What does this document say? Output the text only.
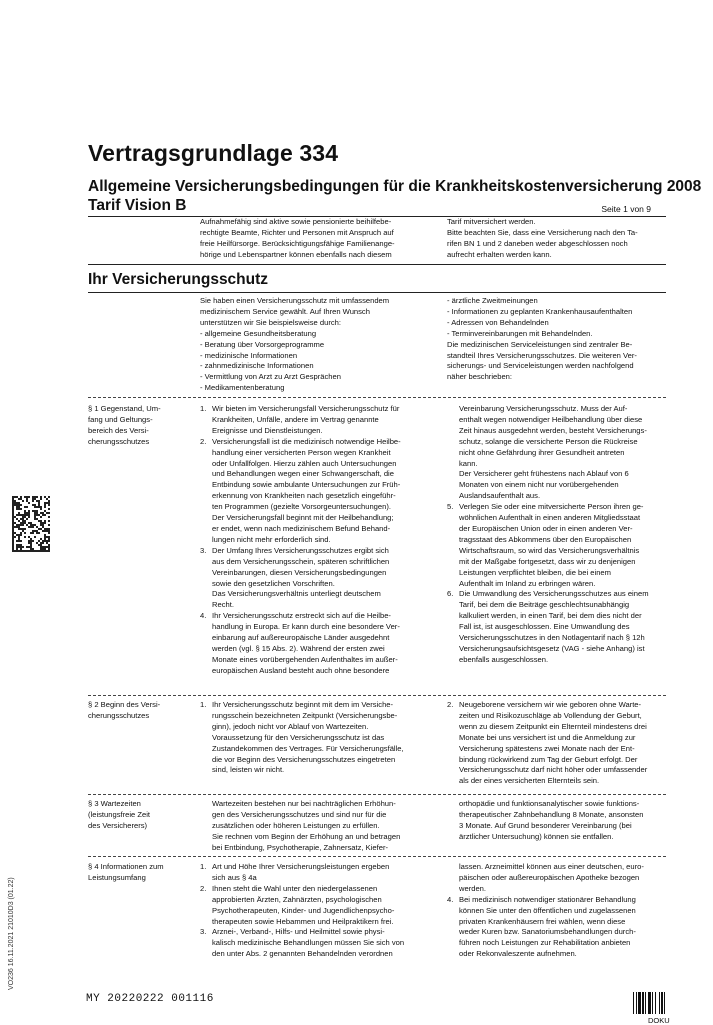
Vertragsgrundlage 334
Allgemeine Versicherungsbedingungen für die Krankheitskostenversicherung 2008
Tarif Vision B	Seite 1 von 9
Aufnahmefähig sind aktive sowie pensionierte beihilfebe-
rechtigte Beamte, Richter und Personen mit Anspruch auf
freie Heilfürsorge. Berücksichtigungsfähige Familienange-
hörige und Lebenspartner können ebenfalls nach diesem
Tarif mitversichert werden.
Bitte beachten Sie, dass eine Versicherung nach den Ta-
rifen BN 1 und 2 daneben weder abgeschlossen noch
aufrecht erhalten werden kann.
Ihr Versicherungsschutz
Sie haben einen Versicherungsschutz mit umfassendem
medizinischem Service gewählt. Auf Ihren Wunsch
unterstützen wir Sie beispielsweise durch:
- allgemeine Gesundheitsberatung
- Beratung über Vorsorgeprogramme
- medizinische Informationen
- zahnmedizinische Informationen
- Vermittlung von Arzt zu Arzt Gesprächen
- Medikamentenberatung
- ärztliche Zweitmeinungen
- Informationen zu geplanten Krankenhausaufenthalten
- Adressen von Behandelnden
- Terminvereinbarungen mit Behandelnden.
Die medizinischen Serviceleistungen sind zentraler Be-
standteil Ihres Versicherungsschutzes. Die weiteren Ver-
sicherungs- und Serviceleistungen werden nachfolgend
näher beschrieben:
§ 1 Gegenstand, Um-
fang und Geltungs-
bereich des Versi-
cherungsschutzes
1. Wir bieten im Versicherungsfall Versicherungsschutz für
Krankheiten, Unfälle, andere im Vertrag genannte
Ereignisse und Dienstleistungen.
2. Versicherungsfall ist die medizinisch notwendige Heilbe-
handlung einer versicherten Person wegen Krankheit
oder Unfallfolgen. Hierzu zählen auch Untersuchungen
und Behandlungen wegen einer Schwangerschaft, die
Entbindung sowie ambulante Untersuchungen zur Früh-
erkennung von Krankheiten nach gesetzlich eingeführ-
ten Programmen (gezielte Vorsorgeuntersuchungen).
Der Versicherungsfall beginnt mit der Heilbehandlung;
er endet, wenn nach medizinischem Befund Behand-
lungen nicht mehr erforderlich sind.
3. Der Umfang Ihres Versicherungsschutzes ergibt sich
aus dem Versicherungsschein, späteren schriftlichen
Vereinbarungen, diesen Versicherungsbedingungen
sowie den gesetzlichen Vorschriften.
Das Versicherungsverhältnis unterliegt deutschem
Recht.
4. Ihr Versicherungsschutz erstreckt sich auf die Heilbe-
handlung in Europa. Er kann durch eine besondere Ver-
einbarung auf außereuropäische Länder ausgedehnt
werden (vgl. § 15 Abs. 2). Während der ersten zwei
Monate eines vorübergehenden Aufenthaltes im außer-
europäischen Ausland besteht auch ohne besondere
Vereinbarung Versicherungsschutz. Muss der Auf-
enthalt wegen notwendiger Heilbehandlung über diese
Zeit hinaus ausgedehnt werden, besteht Versicherungs-
schutz, solange die versicherte Person die Rückreise
nicht ohne Gefährdung ihrer Gesundheit antreten
kann.
Der Versicherer geht frühestens nach Ablauf von 6
Monaten von einem nicht nur vorübergehenden
Auslandsaufenthalt aus.
5. Verlegen Sie oder eine mitversicherte Person ihren ge-
wöhnlichen Aufenthalt in einen anderen Mitgliedsstaat
der Europäischen Union oder in einen anderen Ver-
tragsstaat des Abkommens über den Europäischen
Wirtschaftsraum, so wird das Versicherungsverhältnis
mit der Maßgabe fortgesetzt, dass wir zu denjenigen
Leistungen verpflichtet bleiben, die bei einem
Aufenthalt im Inland zu erbringen wären.
6. Die Umwandlung des Versicherungsschutzes aus einem
Tarif, bei dem die Beiträge geschlechtsunabhängig
kalkuliert werden, in einen Tarif, bei dem dies nicht der
Fall ist, ist ausgeschlossen. Eine Umwandlung des
Versicherungsschutzes in den Notlagentarif nach § 12h
Versicherungsaufsichtsgesetz (VAG - siehe Anhang) ist
ebenfalls ausgeschlossen.
§ 2 Beginn des Versi-
cherungsschutzes
1. Ihr Versicherungsschutz beginnt mit dem im Versiche-
rungsschein bezeichneten Zeitpunkt (Versicherungsbe-
ginn), jedoch nicht vor Ablauf von Wartezeiten.
Voraussetzung für den Versicherungsschutz ist das
Zustandekommen des Vertrages. Für Versicherungsfälle,
die vor Beginn des Versicherungsschutzes eingetreten
sind, leisten wir nicht.
2. Neugeborene versichern wir wie geboren ohne Warte-
zeiten und Risikozuschläge ab Vollendung der Geburt,
wenn zu diesem Zeitpunkt ein Elternteil mindestens drei
Monate bei uns versichert ist und die Anmeldung zur
Versicherung spätestens zwei Monate nach der Ent-
bindung rückwirkend zum Tag der Geburt erfolgt. Der
Versicherungsschutz darf nicht höher oder umfassender
als der eines versicherten Elternteils sein.
§ 3 Wartezeiten
(leistungsfreie Zeit
des Versicherers)
Wartezeiten bestehen nur bei nachträglichen Erhöhun-
gen des Versicherungsschutzes und sind nur für die
zusätzlichen oder höheren Leistungen zu erfüllen.
Sie rechnen vom Beginn der Erhöhung an und betragen
bei Entbindung, Psychotherapie, Zahnersatz, Kiefer-
orthopädie und funktionsanalytischer sowie funktions-
therapeutischer Zahnbehandlung 8 Monate, ansonsten
3 Monate. Auf Grund besonderer Vereinbarung (bei
ärztlicher Untersuchung) können sie entfallen.
§ 4 Informationen zum
Leistungsumfang
1. Art und Höhe Ihrer Versicherungsleistungen ergeben
sich aus § 4a
2. Ihnen steht die Wahl unter den niedergelassenen
approbierten Ärzten, Zahnärzten, psychologischen
Psychotherapeuten, Kinder- und Jugendlichenpsycho-
therapeuten sowie Hebammen und Heilpraktikern frei.
3. Arznei-, Verband-, Hilfs- und Heilmittel sowie physi-
kalisch medizinische Behandlungen müssen Sie sich von
den unter Abs. 2 genannten Behandelnden verordnen
lassen. Arzneimittel können aus einer deutschen, euro-
päischen oder außereuropäischen Apotheke bezogen
werden.
4. Bei medizinisch notwendiger stationärer Behandlung
können Sie unter den öffentlichen und zugelassenen
privaten Krankenhäusern frei wählen, wenn diese
weder Kuren bzw. Sanatoriumsbehandlungen durch-
führen noch Leistungen zur Rehabilitation anbieten
oder Rekonvaleszente aufnehmen.
VO236 16.11.2021 21010D3 (01.22)
MY 20220222 001116
DOKU
